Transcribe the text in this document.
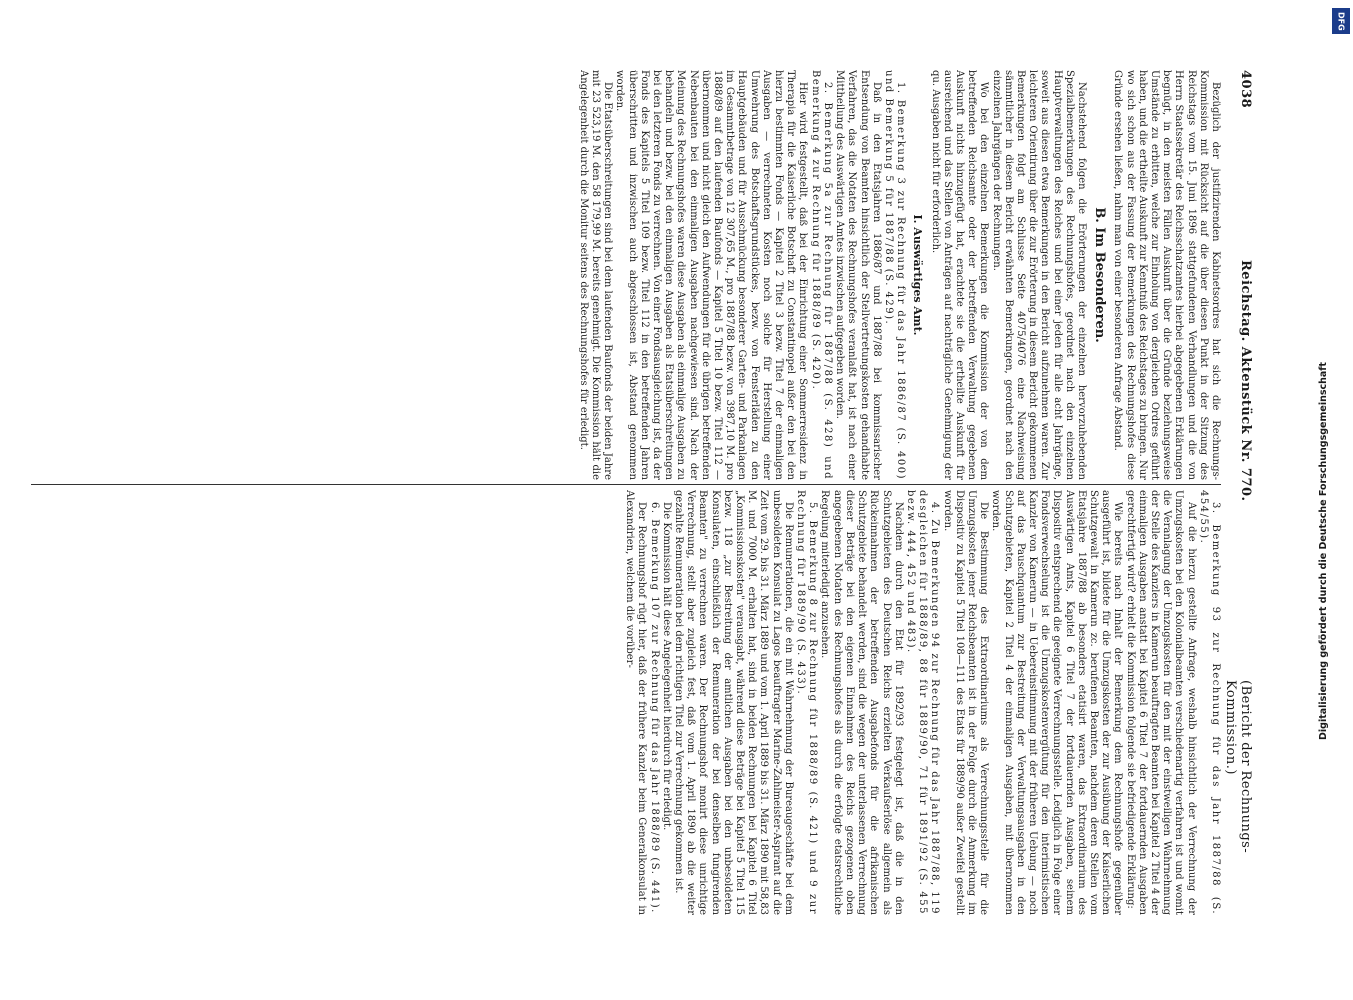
4038
Reichstag. Aktenstück Nr. 770.
(Bericht der Rechnungs-Kommission.)

Bezüglich der justifizirenden Kabinetsordres hat sich die Rechnungs-Kommission mit Rücksicht auf die über diesen Punkt in der Sitzung des Reichstags vom 15. Juni 1896 stattgefundenen Verhandlungen und die von Herrn Staatssekretär des Reichsschatzamtes hierbei abgegebenen Erklärungen begnügt, in den meisten Fällen Auskunft über die Gründe beziehungsweise Umstände zu erbitten, welche zur Einholung von dergleichen Ordres geführt haben, und die ertheilte Auskunft zur Kenntniß des Reichstages zu bringen. Nur wo sich schon aus der Fassung der Bemerkungen des Rechnungshofes diese Gründe ersehen ließen, nahm man von einer besonderen Anfrage Abstand.

B. Im Besonderen.

Nachstehend folgen die Erörterungen der einzelnen hervorzuhebenden Spezialbemerkungen des Rechnungshofes, geordnet nach den einzelnen Hauptverwaltungen des Reiches und bei einer jeden für alle acht Jahrgänge, soweit aus diesen etwa Bemerkungen in den Bericht aufzunehmen waren. Zur leichteren Orientirung über die zur Erörterung in diesem Bericht gekommenen Bemerkungen folgt am Schlusse Seite 4075/4076 eine Nachweisung sämmtlicher in diesem Bericht erwähnten Bemerkungen, geordnet nach den einzelnen Jahrgängen der Rechnungen.

Wo bei den einzelnen Bemerkungen die Kommission der von dem betreffenden Reichsamte oder der betreffenden Verwaltung gegebenen Auskunft nichts hinzugefügt hat, erachtete sie die ertheilte Auskunft für ausreichend und das Stellen von Anträgen auf nachträgliche Genehmigung der qu. Ausgaben nicht für erforderlich.

I. Auswärtiges Amt.

1. Bemerkung 3 zur Rechnung für das Jahr 1886/87 (S. 400) und Bemerkung 5 für 1887/88 (S. 429).

Daß in den Etatsjahren 1886/87 und 1887/88 bei kommissarischer Entsendung von Beamten hinsichtlich der Stellvertretungskosten gehandhabte Verfahren, das die Notaten des Rechnungshofes veranlaßt hat, ist nach einer Mittheilung des Auswärtigen Amtes inzwischen aufgegeben worden.

2. Bemerkung 5a zur Rechnung für 1887/88 (S. 428) und Bemerkung 4 zur Rechnung für 1888/89 (S. 420).

Hier wird festgestellt, daß bei der Einrichtung einer Sommerresidenz in Therapia für die Kaiserliche Botschaft zu Constantinopel außer den bei den hierzu bestimmten Fonds — Kapitel 2 Titel 3 bezw. Titel 7 der einmaligen Ausgaben — verrechneten Kosten noch solche für Herstellung einer Umwehrung des Botschaftsgrundstückes, bezw. von Fensterläden zu den Hauptgebäuden und für Ausschmückung besonderer Garten- und Parkanlagen im Gesammtbetrage von 12 307,65 M., pro 1887/88 bezw. von 3987,10 M. pro 1888/89 auf den laufenden Baufonds — Kapitel 5 Titel 10 bezw. Titel 112 — übernommen und nicht gleich den Aufwendungen für die übrigen betreffenden Nebenbauten bei den einmaligen Ausgaben nachgewiesen sind. Nach der Meinung des Rechnungshofes waren diese Ausgaben als einmalige Ausgaben zu behandeln und bezw. bei den einmaligen Ausgaben als Etatsüberschreitungen bei den letzteren Fonds zu verrechnen. Von einer Fondsausgleichung ist, da der Fonds des Kapitels 5 Titel 109 bezw. Titel 112 in den betreffenden Jahren überschritten und inzwischen auch abgeschlossen ist, Abstand genommen worden.

Die Etatsüberschreitungen sind bei dem laufenden Baufonds der beiden Jahre mit 23 523,19 M. den 58 179,99 M. bereits genehmigt. Die Kommission hält die Angelegenheit durch die Monitur seitens des Rechnungshofes für erledigt.

3. Bemerkung 93 zur Rechnung für das Jahr 1887/88 (S. 454/55).

Auf die hierzu gestellte Anfrage, weshalb hinsichtlich der Verrechnung der Umzugskosten bei den Kolonialbeamten verschiedenartig verfahren ist und womit die Veranlagung der Umzugskosten für den mit der einstweiligen Wahrnehmung der Stelle des Kanzlers in Kamerun beauftragten Beamten bei Kapitel 2 Titel 4 der einmaligen Ausgaben anstatt bei Kapitel 6 Titel 7 der fortdauernden Ausgaben gerechtfertigt wird? erhielt die Kommission folgende sie befriedigende Erklärung:

Wie bereits nach Inhalt der Bemerkung dem Rechnungshofe gegenüber ausgeführt ist, bildete für die Umzugskosten der zur Ausübung der Kaiserlichen Schutzgewalt in Kamerun zc. berufenen Beamten, nachdem deren Stellen vom Etatsjahre 1887/88 ab besonders etatisirt waren, das Extraordinarium des Auswärtigen Amts, Kapitel 6 Titel 7 der fortdauernden Ausgaben, seinem Dispositiv entsprechend die geeignete Verrechnungsstelle. Lediglich in Folge einer Fondsverwechselung ist die Umzugskostenvergütung für den interimistischen Kanzler von Kamerun — in Uebereinstimmung mit der früheren Uebung — noch auf das Pauschquantum zur Bestreitung der Verwaltungsausgaben in den Schutzgebieten, Kapitel 2 Titel 4 der einmaligen Ausgaben, mit übernommen worden.

Die Bestimmung des Extraordinariums als Verrechnungsstelle für die Umzugskosten jener Reichsbeamten ist in der Folge durch die Anmerkung im Dispositiv zu Kapitel 5 Titel 108—111 des Etats für 1889/90 außer Zweifel gestellt worden.

4. Zu Bemerkungen 94 zur Rechnung für das Jahr 1887/88, 119 desgleichen für 1888/89, 88 für 1889/90, 71 für 1891/92 (S. 455 bezw. 444, 452 und 483).

Nachdem durch den Etat für 1892/93 festgelegt ist, daß die in den Schutzgebieten des Deutschen Reichs erzielten Verkaufserlöse allgemein als Rückeinnahmen der betreffenden Ausgabefonds für die afrikanischen Schutzgebiete behandelt werden, sind die wegen der unterlassenen Verrechnung dieser Beträge bei den eigenen Einnahmen des Reichs gezogenen oben angegebenen Notaten des Rechnungshofes als durch die erfolgte etatsrechtliche Regelung miterledigt anzusehen.

5. Bemerkung 8 zur Rechnung für 1888/89 (S. 421) und 9 zur Rechnung für 1889/90 (S. 433).

Die Remunerationen, die ein mit Wahrnehmung der Bureaugeschäfte bei dem unbesoldeten Konsulat zu Lagos beauftragter Marine-Zahlmeister-Aspirant auf die Zeit vom 29. bis 31. März 1889 und vom 1. April 1889 bis 31. März 1890 mit 58,83 M. und 7000 M. erhalten hat, sind in beiden Rechnungen bei Kapitel 6 Titel „Kommissionskosten" verausgabt, während diese Beträge bei Kapitel 5 Titel 115 bezw. 118 „zur Bestreitung der amtlichen Ausgaben bei den unbesoldeten Konsulaten, einschließlich der Remuneration der bei denselben fungirenden Beamten" zu verrechnen waren. Der Rechnungshof monirt diese unrichtige Verrechnung, stellt aber zugleich fest, daß vom 1. April 1890 ab die weiter gezahlte Remuneration bei dem richtigen Titel zur Verrechnung gekommen ist.

Die Kommission hält diese Angelegenheit hierdurch für erledigt.

6. Bemerkung 107 zur Rechnung für das Jahr 1888/89 (S. 441).

Der Rechnungshof rügt hier, daß der frühere Kanzler beim Generalkonsulat in Alexandrien, welchem die vorüber-

DFG
Digitalisierung gefördert durch die Deutsche Forschungsgemeinschaft
